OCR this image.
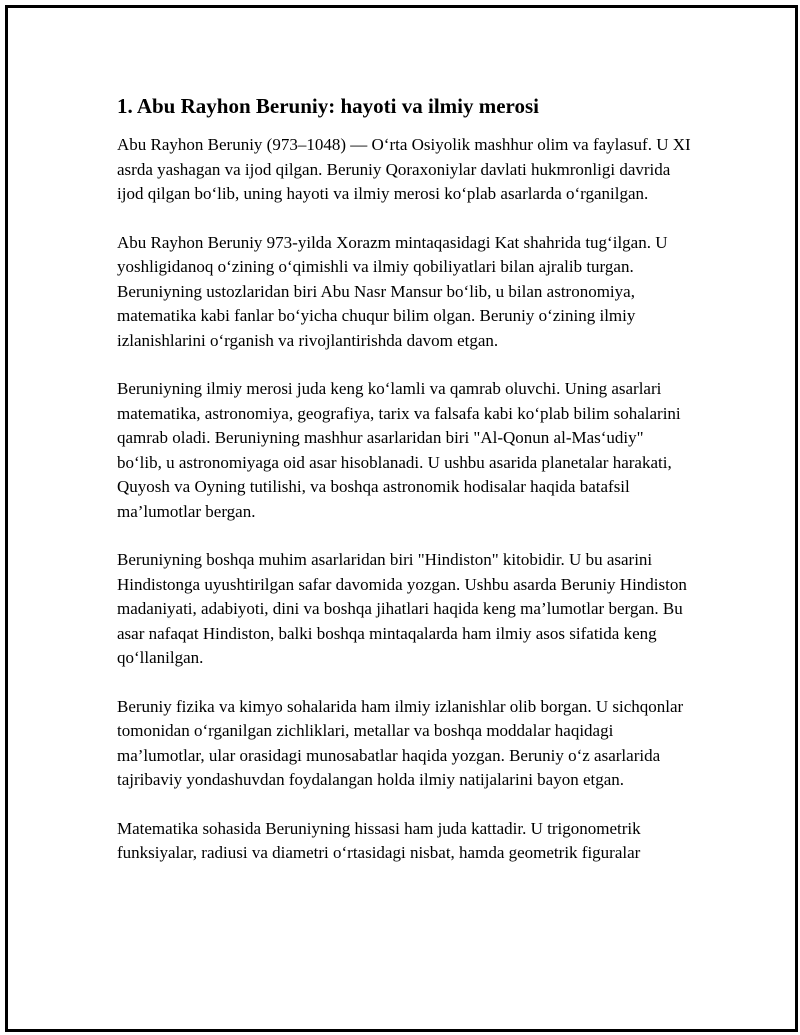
1. Abu Rayhon Beruniy: hayoti va ilmiy merosi

Abu Rayhon Beruniy (973–1048) — O‘rta Osiyolik mashhur olim va faylasuf. U XI asrda yashagan va ijod qilgan. Beruniy Qoraxoniylar davlati hukmronligi davrida ijod qilgan bo‘lib, uning hayoti va ilmiy merosi ko‘plab asarlarda o‘rganilgan.

Abu Rayhon Beruniy 973-yilda Xorazm mintaqasidagi Kat shahrida tug‘ilgan. U yoshligidanoq o‘zining o‘qimishli va ilmiy qobiliyatlari bilan ajralib turgan. Beruniyning ustozlaridan biri Abu Nasr Mansur bo‘lib, u bilan astronomiya, matematika kabi fanlar bo‘yicha chuqur bilim olgan. Beruniy o‘zining ilmiy izlanishlarini o‘rganish va rivojlantirishda davom etgan.

Beruniyning ilmiy merosi juda keng ko‘lamli va qamrab oluvchi. Uning asarlari matematika, astronomiya, geografiya, tarix va falsafa kabi ko‘plab bilim sohalarini qamrab oladi. Beruniyning mashhur asarlaridan biri "Al-Qonun al-Mas‘udiy" bo‘lib, u astronomiyaga oid asar hisoblanadi. U ushbu asarida planetalar harakati, Quyosh va Oyning tutilishi, va boshqa astronomik hodisalar haqida batafsil ma’lumotlar bergan.

Beruniyning boshqa muhim asarlaridan biri "Hindiston" kitobidir. U bu asarini Hindistonga uyushtirilgan safar davomida yozgan. Ushbu asarda Beruniy Hindiston madaniyati, adabiyoti, dini va boshqa jihatlari haqida keng ma’lumotlar bergan. Bu asar nafaqat Hindiston, balki boshqa mintaqalarda ham ilmiy asos sifatida keng qo‘llanilgan.

Beruniy fizika va kimyo sohalarida ham ilmiy izlanishlar olib borgan. U sichqonlar tomonidan o‘rganilgan zichliklari, metallar va boshqa moddalar haqidagi ma’lumotlar, ular orasidagi munosabatlar haqida yozgan. Beruniy o‘z asarlarida tajribaviy yondashuvdan foydalangan holda ilmiy natijalarini bayon etgan.

Matematika sohasida Beruniyning hissasi ham juda kattadir. U trigonometrik funksiyalar, radiusi va diametri o‘rtasidagi nisbat, hamda geometrik figuralar
